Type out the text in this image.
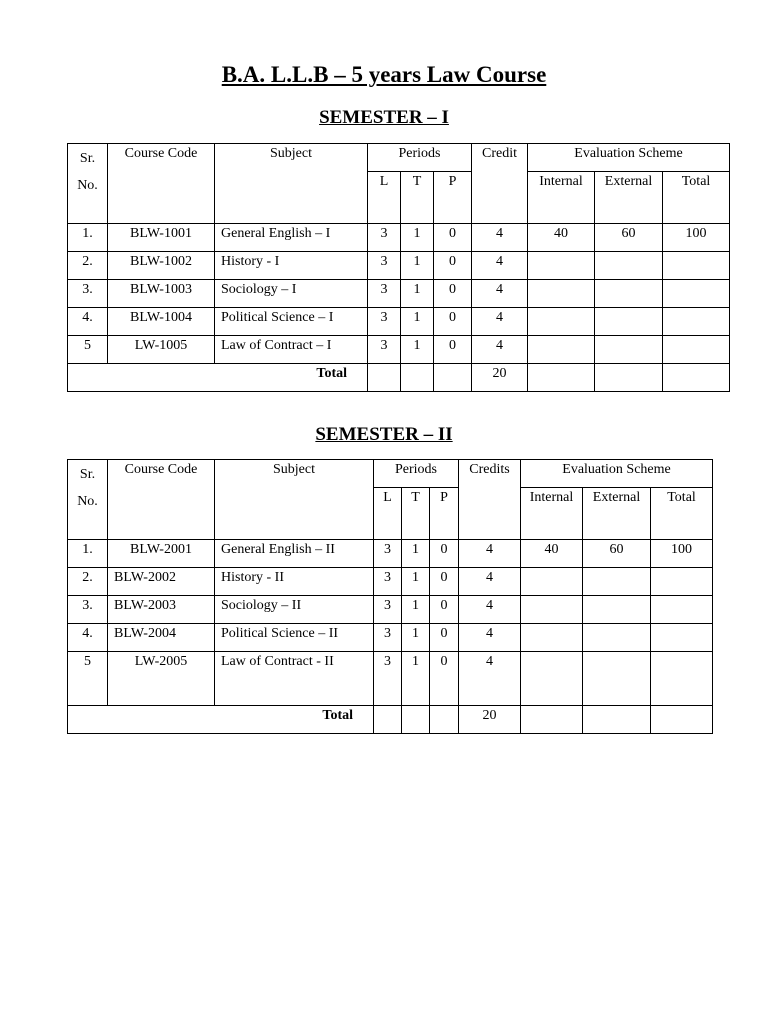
B.A. L.L.B – 5 years Law Course
SEMESTER – I
Sr.
No.	Course Code	Subject	Periods			Credit	Evaluation Scheme		
			L	T	P		Internal	External	Total
1.	BLW-1001	General English – I	3	1	0	4	40	60	100
2.	BLW-1002	History - I	3	1	0	4			
3.	BLW-1003	Sociology – I	3	1	0	4			
4.	BLW-1004	Political Science – I	3	1	0	4			
5	LW-1005	Law of Contract – I	3	1	0	4			
Total						20			
SEMESTER – II
Sr.
No.	Course Code	Subject	Periods			Credits	Evaluation Scheme		
			L	T	P		Internal	External	Total
1.	BLW-2001	General English – II	3	1	0	4	40	60	100
2.	BLW-2002	History - II	3	1	0	4			
3.	BLW-2003	Sociology – II	3	1	0	4			
4.	BLW-2004	Political Science – II	3	1	0	4			
5	LW-2005	Law of Contract - II	3	1	0	4			
Total						20			
